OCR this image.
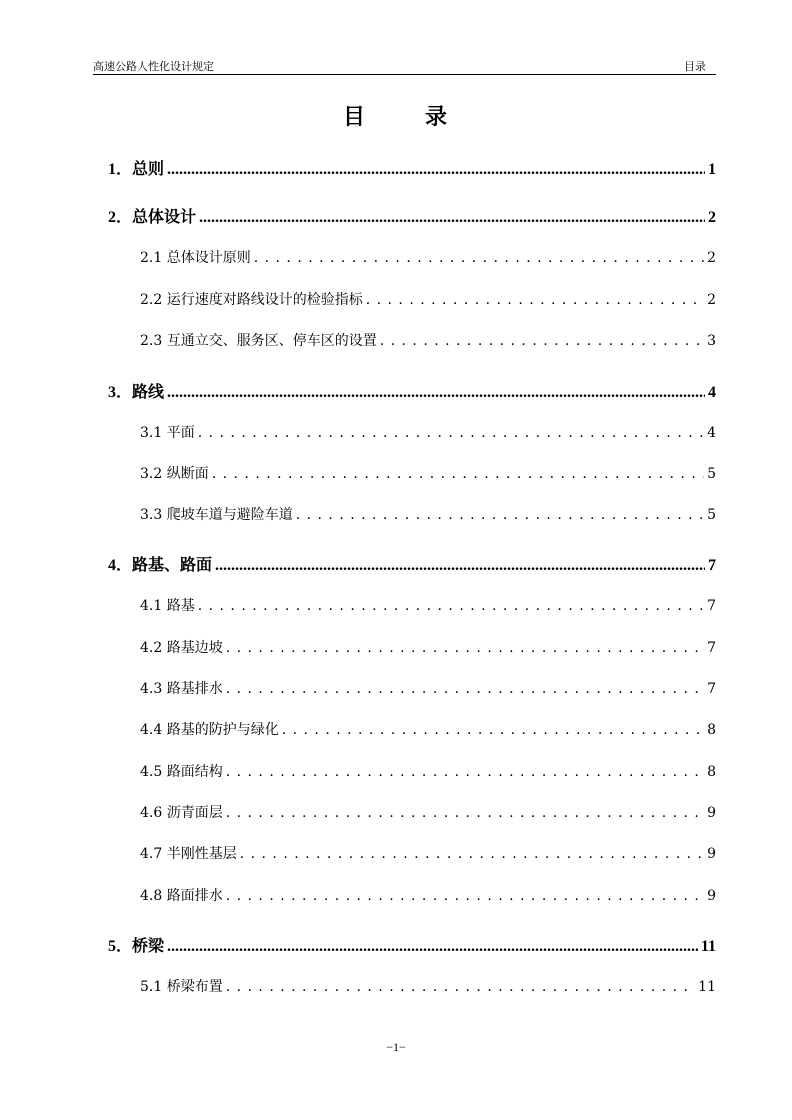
高速公路人性化设计规定	目录
目	录
1．总则 .....	1
2．总体设计 .....	2
2.1 总体设计原则 . . .	2
2.2 运行速度对路线设计的检验指标 . . .	2
2.3 互通立交、服务区、停车区的设置 . . .	3
3．路线 .....	4
3.1 平面 . . .	4
3.2 纵断面 . . .	5
3.3 爬坡车道与避险车道 . . .	5
4．路基、路面 .....	7
4.1 路基 . . .	7
4.2 路基边坡 . . .	7
4.3 路基排水 . . .	7
4.4 路基的防护与绿化 . . .	8
4.5 路面结构 . . .	8
4.6 沥青面层 . . .	9
4.7 半刚性基层 . . .	9
4.8 路面排水 . . .	9
5．桥梁 .....	11
5.1 桥梁布置 . . .	11
−1−
